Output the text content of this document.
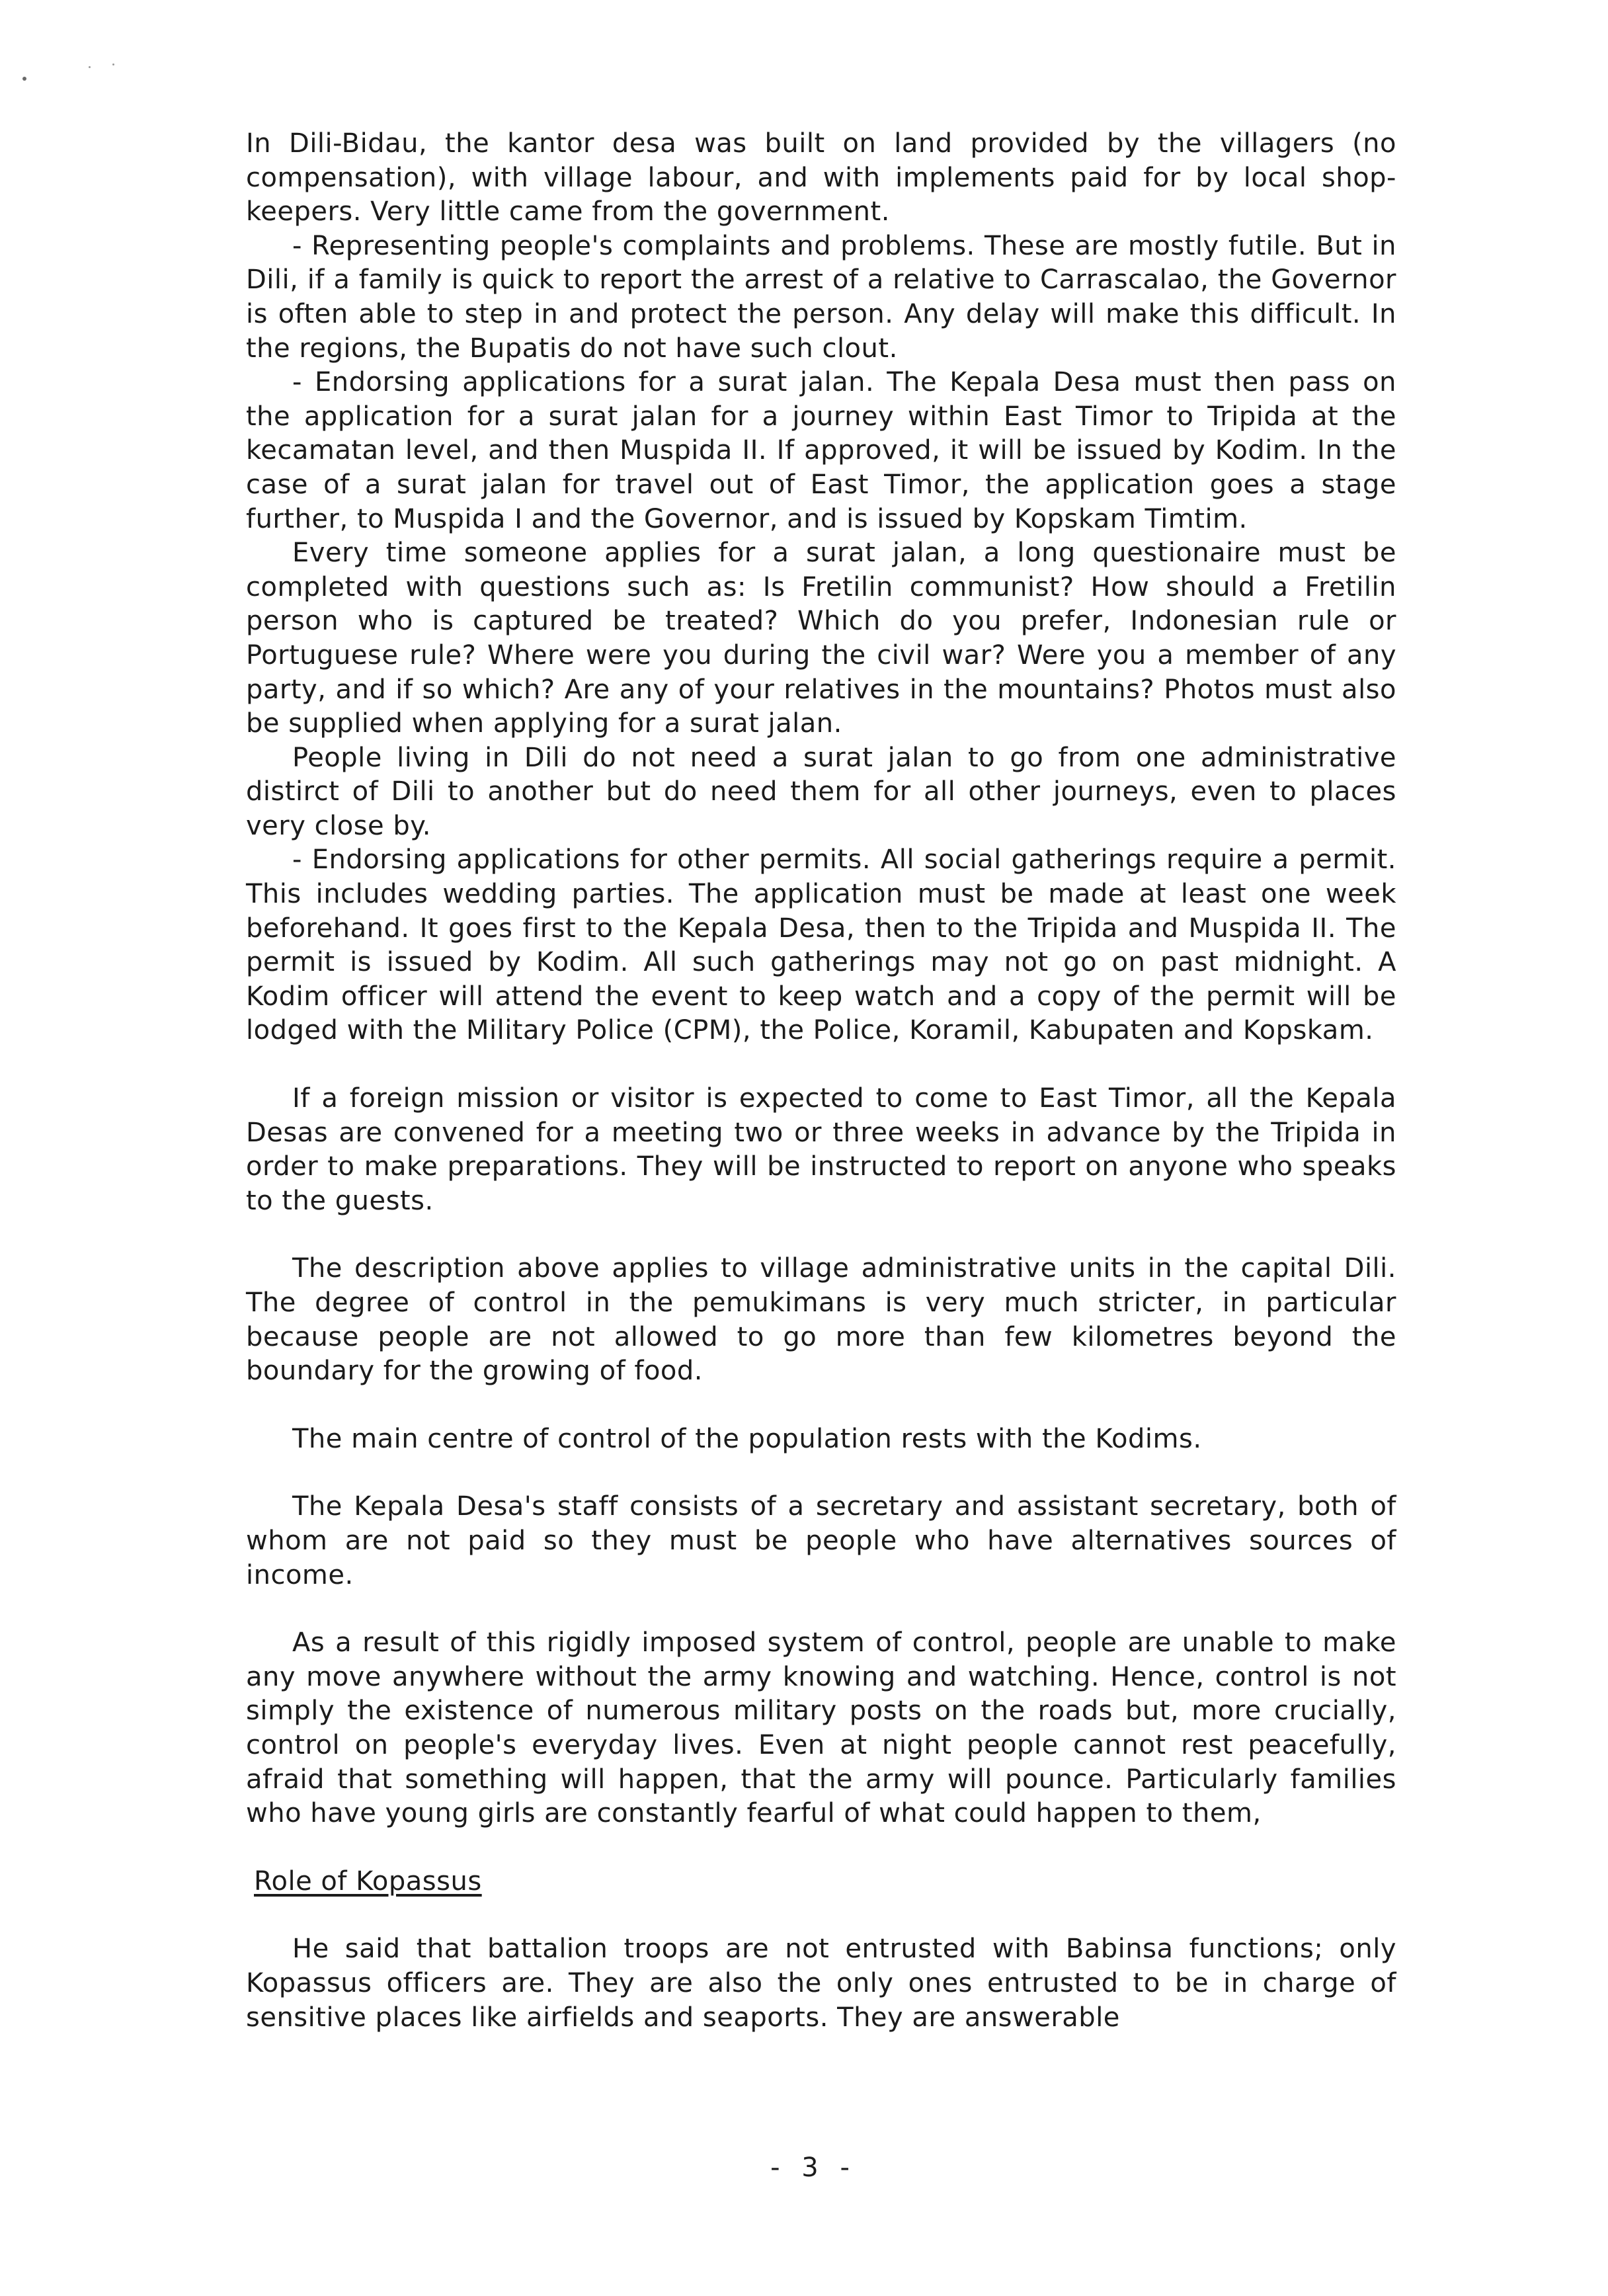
In Dili-Bidau, the kantor desa was built on land provided by the villagers (no compensation), with village labour, and with implements paid for by local shop-keepers. Very little came from the government.

- Representing people's complaints and problems. These are mostly futile. But in Dili, if a family is quick to report the arrest of a relative to Carrascalao, the Governor is often able to step in and protect the person. Any delay will make this difficult. In the regions, the Bupatis do not have such clout.

- Endorsing applications for a surat jalan. The Kepala Desa must then pass on the application for a surat jalan for a journey within East Timor to Tripida at the kecamatan level, and then Muspida II. If approved, it will be issued by Kodim. In the case of a surat jalan for travel out of East Timor, the application goes a stage further, to Muspida I and the Governor, and is issued by Kopskam Timtim.

Every time someone applies for a surat jalan, a long questionaire must be completed with questions such as: Is Fretilin communist? How should a Fretilin person who is captured be treated? Which do you prefer, Indonesian rule or Portuguese rule? Where were you during the civil war? Were you a member of any party, and if so which? Are any of your relatives in the mountains? Photos must also be supplied when applying for a surat jalan.

People living in Dili do not need a surat jalan to go from one administrative distirct of Dili to another but do need them for all other journeys, even to places very close by.

- Endorsing applications for other permits. All social gatherings require a permit. This includes wedding parties. The application must be made at least one week beforehand. It goes first to the Kepala Desa, then to the Tripida and Muspida II. The permit is issued by Kodim. All such gatherings may not go on past midnight. A Kodim officer will attend the event to keep watch and a copy of the permit will be lodged with the Military Police (CPM), the Police, Koramil, Kabupaten and Kopskam.

If a foreign mission or visitor is expected to come to East Timor, all the Kepala Desas are convened for a meeting two or three weeks in advance by the Tripida in order to make preparations. They will be instructed to report on anyone who speaks to the guests.

The description above applies to village administrative units in the capital Dili. The degree of control in the pemukimans is very much stricter, in particular because people are not allowed to go more than few kilometres beyond the boundary for the growing of food.

The main centre of control of the population rests with the Kodims.

The Kepala Desa's staff consists of a secretary and assistant secretary, both of whom are not paid so they must be people who have alternatives sources of income.

As a result of this rigidly imposed system of control, people are unable to make any move anywhere without the army knowing and watching. Hence, control is not simply the existence of numerous military posts on the roads but, more crucially, control on people's everyday lives. Even at night people cannot rest peacefully, afraid that something will happen, that the army will pounce. Particularly families who have young girls are constantly fearful of what could happen to them,

Role of Kopassus

He said that battalion troops are not entrusted with Babinsa functions; only Kopassus officers are. They are also the only ones entrusted to be in charge of sensitive places like airfields and seaports. They are answerable

- 3 -
